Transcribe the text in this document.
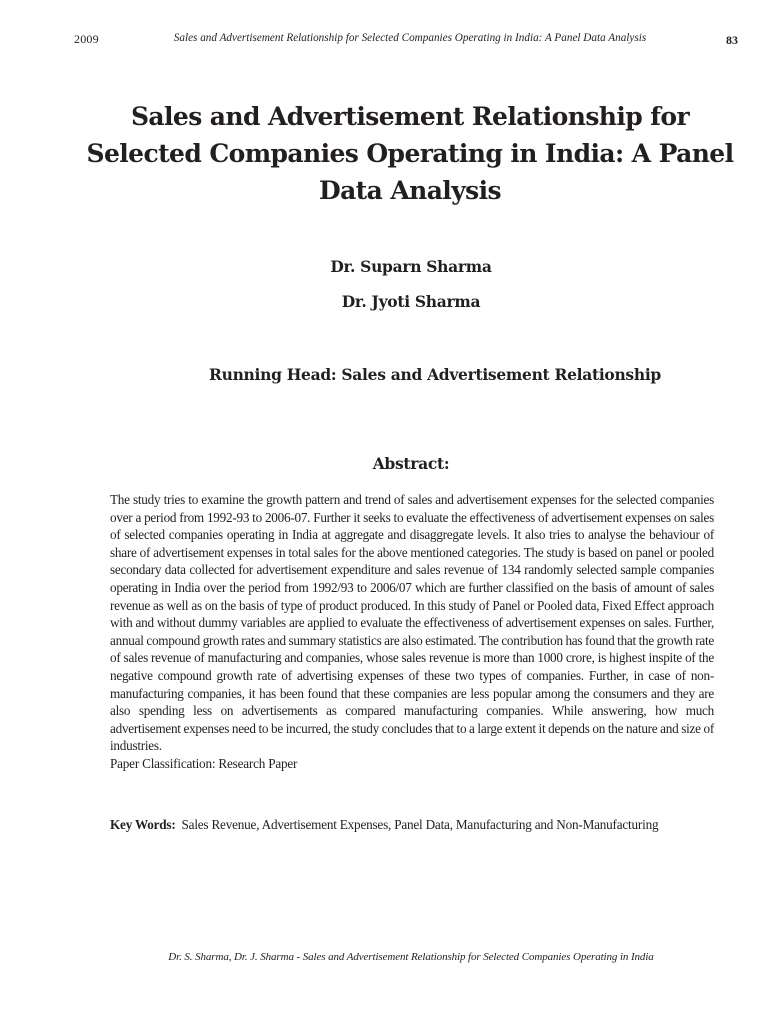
2009	Sales and Advertisement Relationship for Selected Companies Operating in India: A Panel Data Analysis	83
Sales and Advertisement Relationship for Selected Companies Operating in India: A Panel Data Analysis
Dr. Suparn Sharma
Dr. Jyoti Sharma
Running Head: Sales and Advertisement Relationship
Abstract:

The study tries to examine the growth pattern and trend of sales and advertisement expenses for the selected companies over a period from 1992-93 to 2006-07. Further it seeks to evaluate the effectiveness of advertisement expenses on sales of selected companies operating in India at aggregate and disaggregate levels. It also tries to analyse the behaviour of share of advertisement expenses in total sales for the above mentioned categories. The study is based on panel or pooled secondary data collected for advertisement expenditure and sales revenue of 134 randomly selected sample companies operating in India over the period from 1992/93 to 2006/07 which are further classified on the basis of amount of sales revenue as well as on the basis of type of product produced. In this study of Panel or Pooled data, Fixed Effect approach with and without dummy variables are applied to evaluate the effectiveness of advertisement expenses on sales. Further, annual compound growth rates and summary statistics are also estimated. The contribution has found that the growth rate of sales revenue of manufacturing and companies, whose sales revenue is more than 1000 crore, is highest inspite of the negative compound growth rate of advertising expenses of these two types of companies. Further, in case of non-manufacturing companies, it has been found that these companies are less popular among the consumers and they are also spending less on advertisements as compared manufacturing companies. While answering, how much advertisement expenses need to be incurred, the study concludes that to a large extent it depends on the nature and size of industries.

Paper Classification: Research Paper

Key Words: Sales Revenue, Advertisement Expenses, Panel Data, Manufacturing and Non-Manufacturing
Dr. S. Sharma, Dr. J. Sharma - Sales and Advertisement Relationship for Selected Companies Operating in India
